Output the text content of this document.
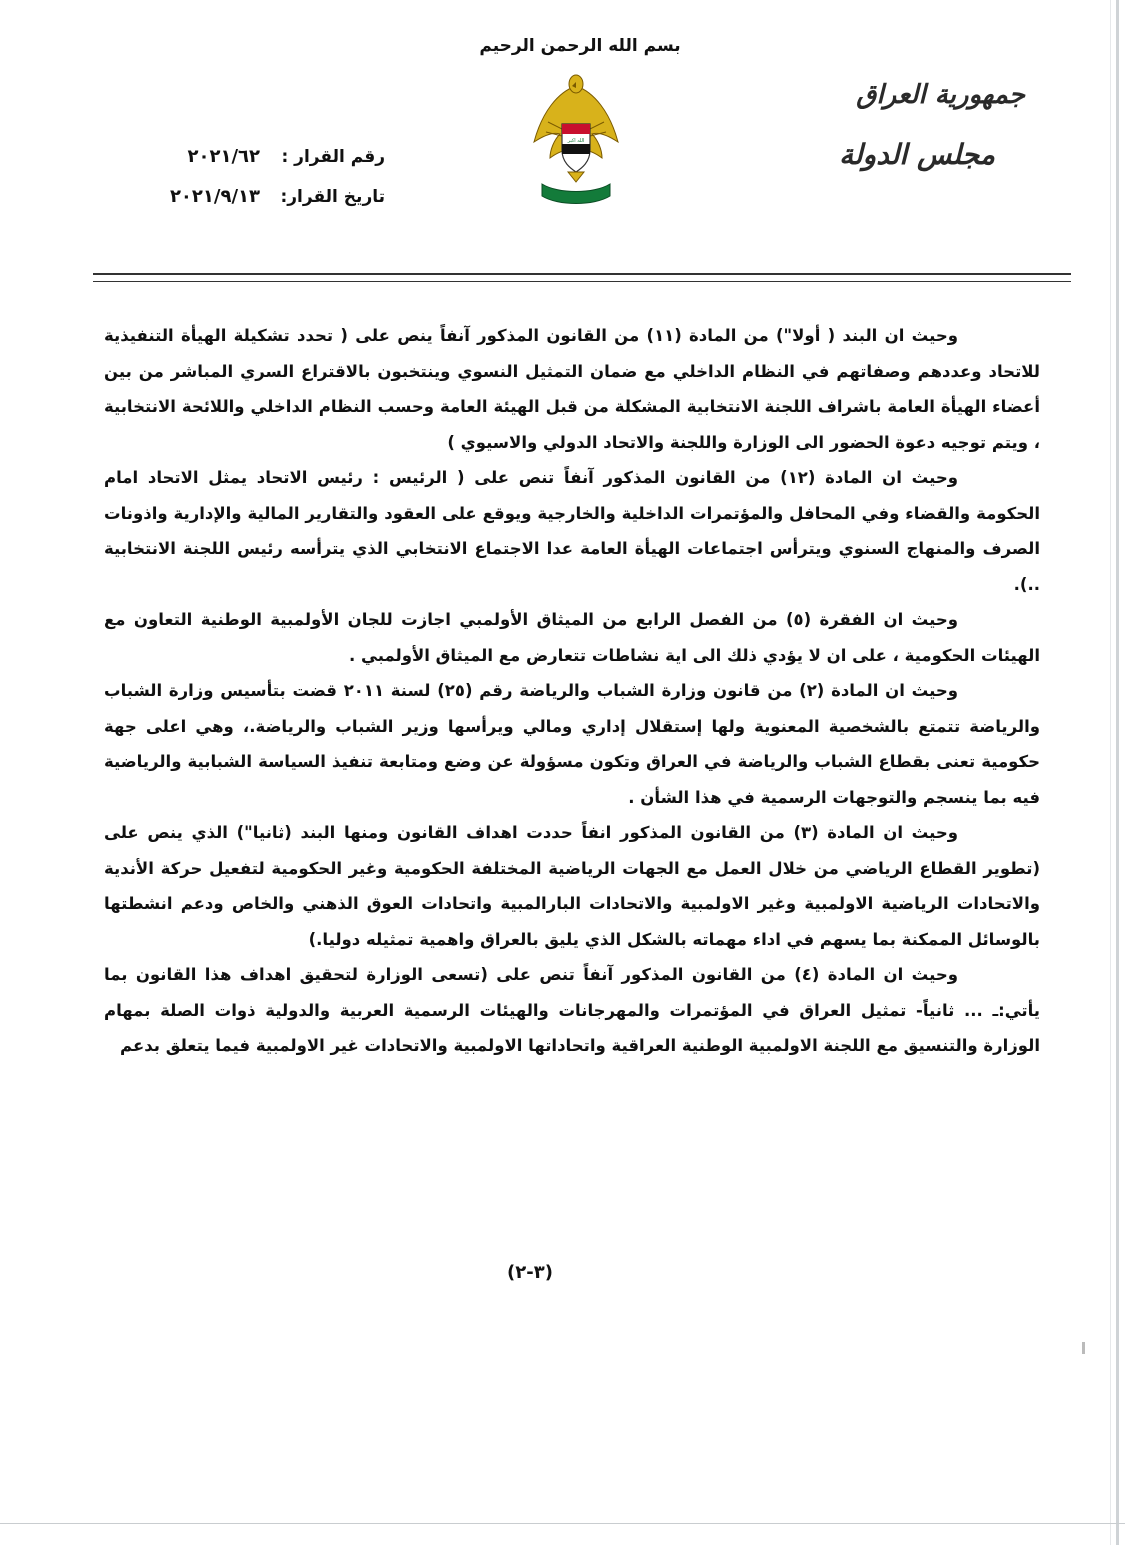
بسم الله الرحمن الرحيم
الله اكبر
جمهورية العراق
مجلس الدولة
رقم القرار :٢٠٢١/٦٢
تاريخ القرار:٢٠٢١/٩/١٣

وحيث ان البند ( أولا") من المادة (١١) من القانون المذكور آنفاً ينص على ( تحدد تشكيلة الهيأة التنفيذية للاتحاد وعددهم وصفاتهم في النظام الداخلي مع ضمان التمثيل النسوي وينتخبون بالاقتراع السري المباشر من بين أعضاء الهيأة العامة باشراف اللجنة الانتخابية المشكلة من قبل الهيئة العامة وحسب النظام الداخلي واللائحة الانتخابية ، ويتم توجيه دعوة الحضور الى الوزارة واللجنة والاتحاد الدولي والاسيوي )

وحيث ان المادة (١٢) من القانون المذكور آنفاً تنص على ( الرئيس : رئيس الاتحاد يمثل الاتحاد امام الحكومة والقضاء وفي المحافل والمؤتمرات الداخلية والخارجية ويوقع على العقود والتقارير المالية والإدارية واذونات الصرف والمنهاج السنوي ويترأس اجتماعات الهيأة العامة عدا الاجتماع الانتخابي الذي يترأسه رئيس اللجنة الانتخابية ..).

وحيث ان الفقرة (٥) من الفصل الرابع من الميثاق الأولمبي اجازت للجان الأولمبية الوطنية التعاون مع الهيئات الحكومية ، على ان لا يؤدي ذلك الى اية نشاطات تتعارض مع الميثاق الأولمبي .

وحيث ان المادة (٢) من قانون وزارة الشباب والرياضة رقم (٢٥) لسنة ٢٠١١ قضت بتأسيس وزارة الشباب والرياضة تتمتع بالشخصية المعنوية ولها إستقلال إداري ومالي ويرأسها وزير الشباب والرياضة.، وهي اعلى جهة حكومية تعنى بقطاع الشباب والرياضة في العراق وتكون مسؤولة عن وضع ومتابعة تنفيذ السياسة الشبابية والرياضية فيه بما ينسجم والتوجهات الرسمية في هذا الشأن .

وحيث ان المادة (٣) من القانون المذكور انفاً حددت اهداف القانون ومنها البند (ثانيا") الذي ينص على (تطوير القطاع الرياضي من خلال العمل مع الجهات الرياضية المختلفة الحكومية وغير الحكومية لتفعيل حركة الأندية والاتحادات الرياضية الاولمبية وغير الاولمبية والاتحادات البارالمبية واتحادات العوق الذهني والخاص ودعم انشطتها بالوسائل الممكنة بما يسهم في اداء مهماته بالشكل الذي يليق بالعراق واهمية تمثيله دوليا.)

وحيث ان المادة (٤) من القانون المذكور آنفاً تنص على (تسعى الوزارة لتحقيق اهداف هذا القانون بما يأتي:ـ ... ثانياً- تمثيل العراق في المؤتمرات والمهرجانات والهيئات الرسمية العربية والدولية ذوات الصلة بمهام الوزارة والتنسيق مع اللجنة الاولمبية الوطنية العراقية واتحاداتها الاولمبية والاتحادات غير الاولمبية فيما يتعلق بدعم

(٣-٢)
